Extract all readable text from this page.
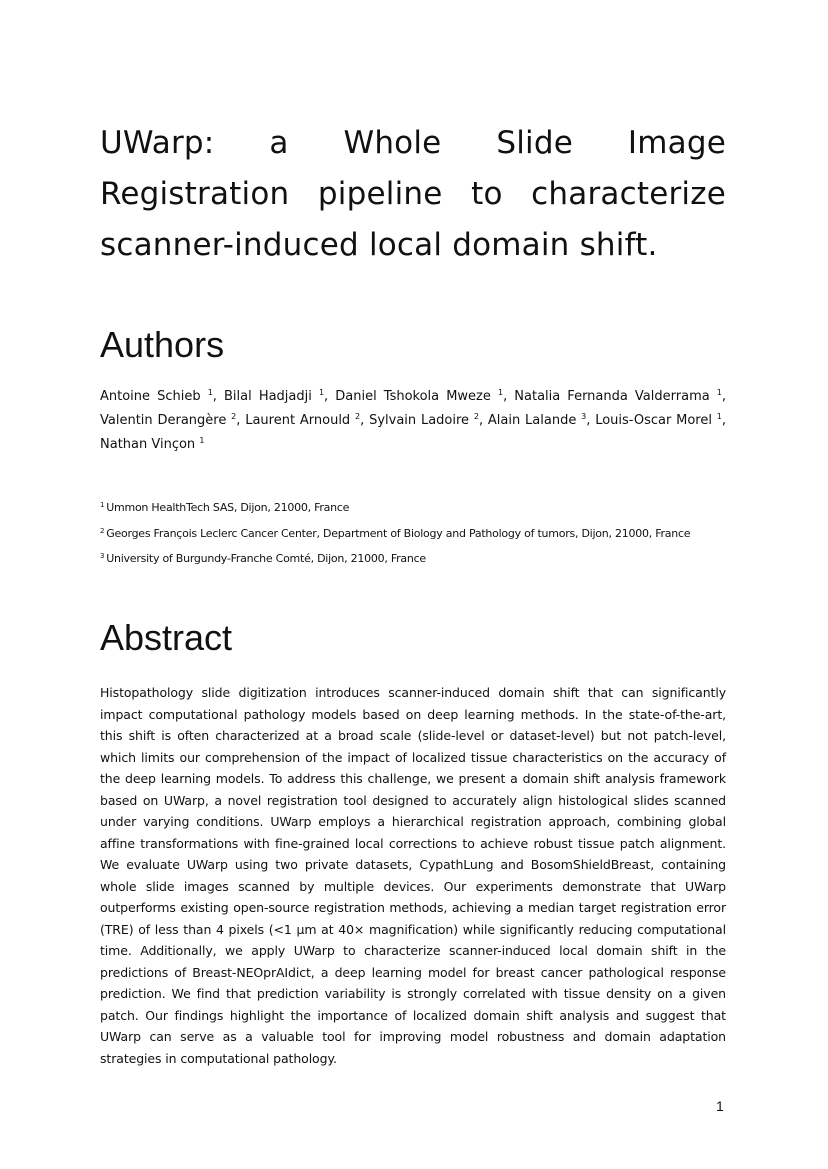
UWarp: a Whole Slide Image Registration pipeline to characterize scanner-induced local domain shift.
Authors

Antoine Schieb $^1$, Bilal Hadjadji $^1$, Daniel Tshokola Mweze $^1$, Natalia Fernanda Valderrama $^1$, Valentin Derangère $^2$, Laurent Arnould $^2$, Sylvain Ladoire $^2$, Alain Lalande $^3$, Louis-Oscar Morel $^1$, Nathan Vinçon $^1$

$^1$ Ummon HealthTech SAS, Dijon, 21000, France
$^2$ Georges François Leclerc Cancer Center, Department of Biology and Pathology of tumors, Dijon, 21000, France
$^3$ University of Burgundy-Franche Comté, Dijon, 21000, France
Abstract

Histopathology slide digitization introduces scanner-induced domain shift that can significantly impact computational pathology models based on deep learning methods. In the state-of-the-art, this shift is often characterized at a broad scale (slide-level or dataset-level) but not patch-level, which limits our comprehension of the impact of localized tissue characteristics on the accuracy of the deep learning models. To address this challenge, we present a domain shift analysis framework based on UWarp, a novel registration tool designed to accurately align histological slides scanned under varying conditions. UWarp employs a hierarchical registration approach, combining global affine transformations with fine-grained local corrections to achieve robust tissue patch alignment. We evaluate UWarp using two private datasets, CypathLung and BosomShieldBreast, containing whole slide images scanned by multiple devices. Our experiments demonstrate that UWarp outperforms existing open-source registration methods, achieving a median target registration error (TRE) of less than 4 pixels (<1 µm at 40× magnification) while significantly reducing computational time. Additionally, we apply UWarp to characterize scanner-induced local domain shift in the predictions of Breast-NEOprAIdict, a deep learning model for breast cancer pathological response prediction. We find that prediction variability is strongly correlated with tissue density on a given patch. Our findings highlight the importance of localized domain shift analysis and suggest that UWarp can serve as a valuable tool for improving model robustness and domain adaptation strategies in computational pathology.

1
